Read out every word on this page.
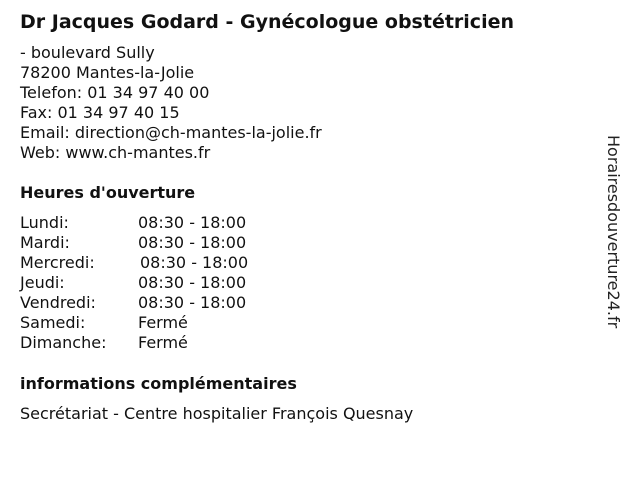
Dr Jacques Godard - Gynécologue obstétricien
- boulevard Sully
78200 Mantes-la-Jolie
Telefon: 01 34 97 40 00
Fax: 01 34 97 40 15
Email: direction@ch-mantes-la-jolie.fr
Web: www.ch-mantes.fr
Heures d'ouverture
Lundi:	08:30 - 18:00
Mardi:	08:30 - 18:00
Mercredi:	08:30 - 18:00
Jeudi:	08:30 - 18:00
Vendredi:	08:30 - 18:00
Samedi:	Fermé
Dimanche: Fermé
informations complémentaires
Secrétariat - Centre hospitalier François Quesnay
Horairesdouverture24.fr
